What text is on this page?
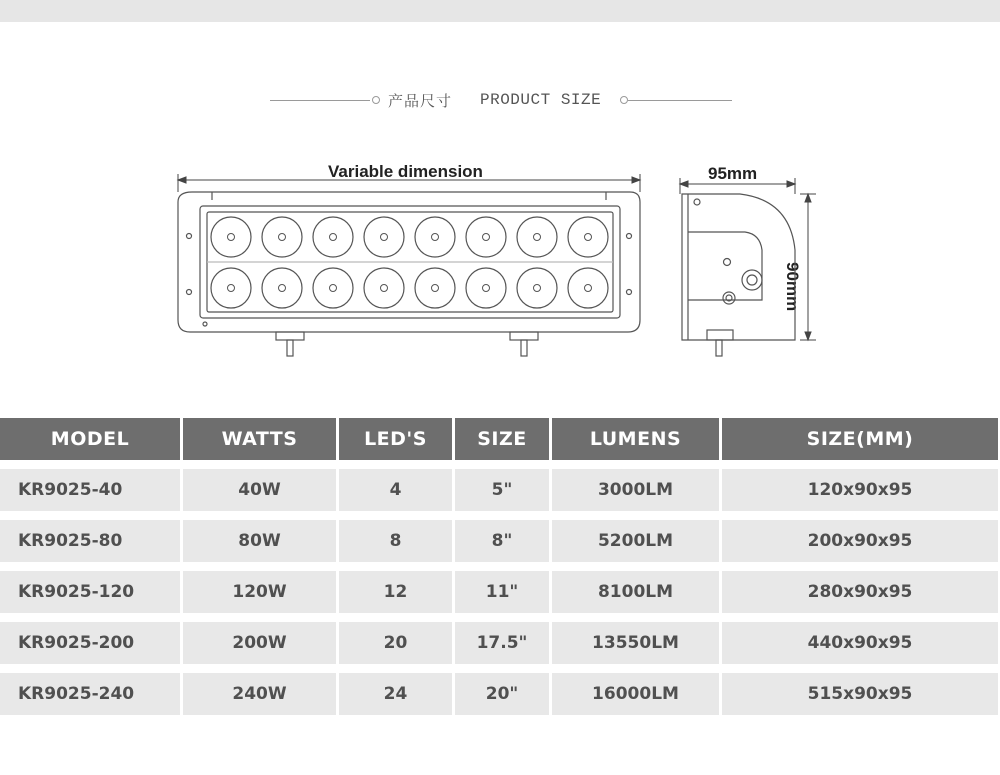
产品尺寸 PRODUCT SIZE
Variable dimension	95mm
90mm
MODEL	WATTS	LED'S	SIZE	LUMENS	SIZE(MM)
KR9025-40	40W	4	5"	3000LM	120x90x95
KR9025-80	80W	8	8"	5200LM	200x90x95
KR9025-120	120W	12	11"	8100LM	280x90x95
KR9025-200	200W	20	17.5"	13550LM	440x90x95
KR9025-240	240W	24	20"	16000LM	515x90x95
